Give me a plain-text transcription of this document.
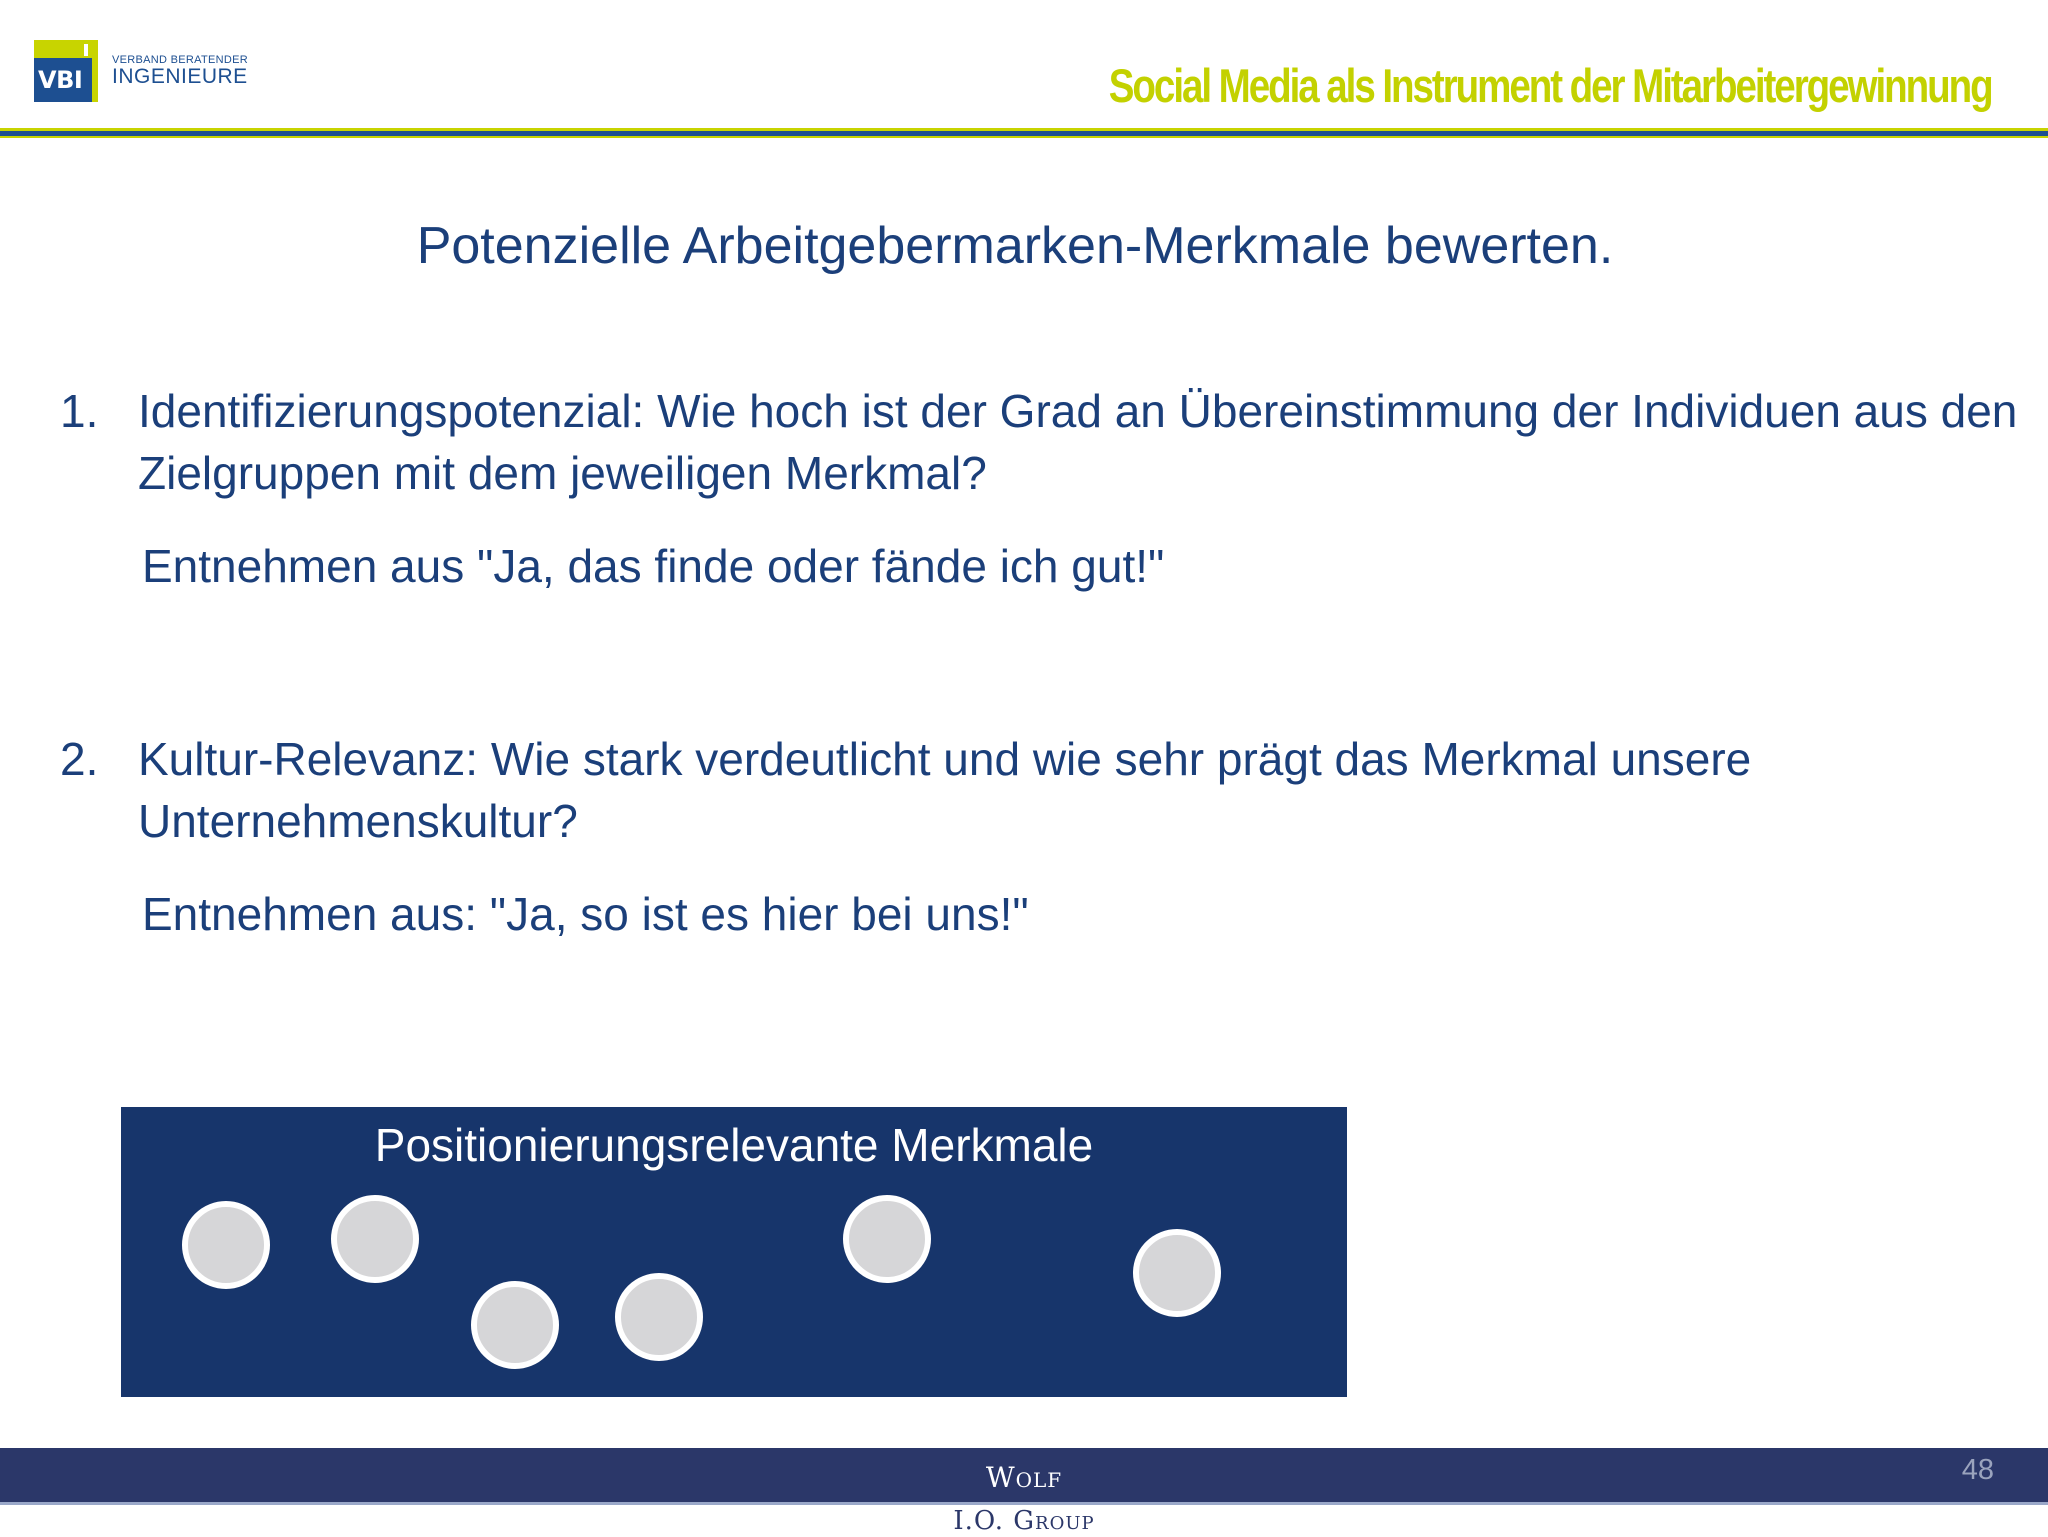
VBI
VERBAND BERATENDER
INGENIEURE	Social Media als Instrument der Mitarbeitergewinnung
Potenzielle Arbeitgebermarken-Merkmale bewerten.
1. Identifizierungspotenzial: Wie hoch ist der Grad an Übereinstimmung der Individuen aus den Zielgruppen mit dem jeweiligen Merkmal?
Entnehmen aus "Ja, das finde oder fände ich gut!"
2. Kultur-Relevanz: Wie stark verdeutlicht und wie sehr prägt das Merkmal unsere Unternehmenskultur?
Entnehmen aus: "Ja, so ist es hier bei uns!"
Positionierungsrelevante Merkmale
Wolf
I.O. Group
48
